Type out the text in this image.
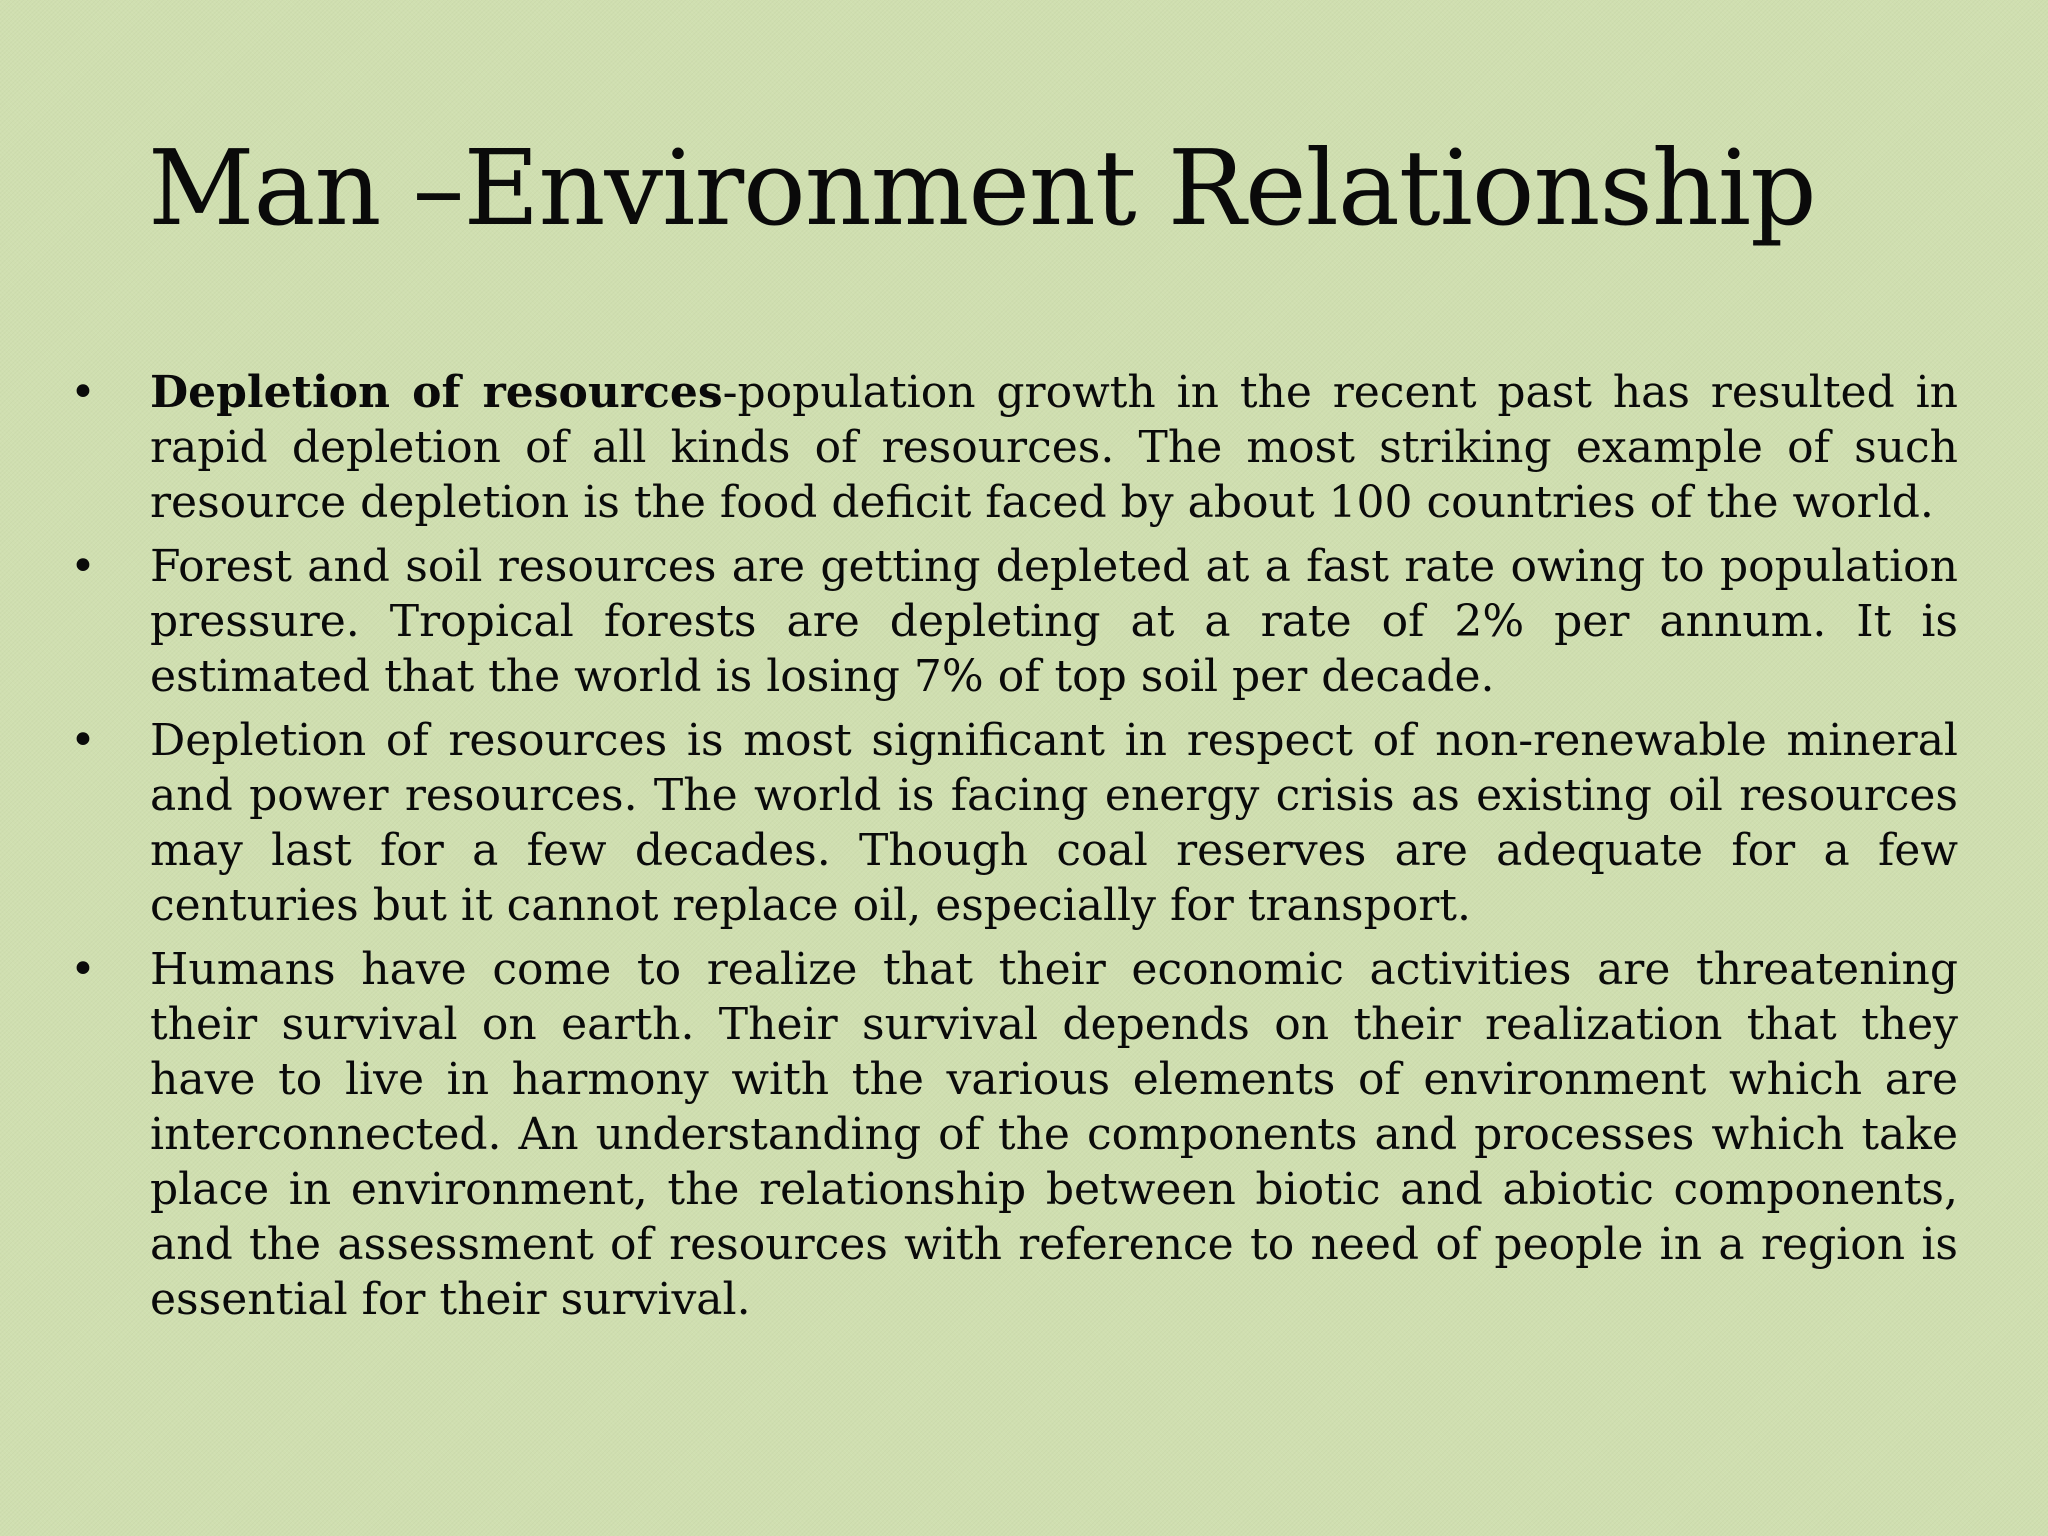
Man –Environment Relationship
• Depletion of resources-population growth in the recent past has resulted in rapid depletion of all kinds of resources. The most striking example of such resource depletion is the food deficit faced by about 100 countries of the world.
• Forest and soil resources are getting depleted at a fast rate owing to population pressure. Tropical forests are depleting at a rate of 2% per annum. It is estimated that the world is losing 7% of top soil per decade.
• Depletion of resources is most significant in respect of non-renewable mineral and power resources. The world is facing energy crisis as existing oil resources may last for a few decades. Though coal reserves are adequate for a few centuries but it cannot replace oil, especially for transport.
• Humans have come to realize that their economic activities are threatening their survival on earth. Their survival depends on their realization that they have to live in harmony with the various elements of environment which are interconnected. An understanding of the components and processes which take place in environment, the relationship between biotic and abiotic components, and the assessment of resources with reference to need of people in a region is essential for their survival.
